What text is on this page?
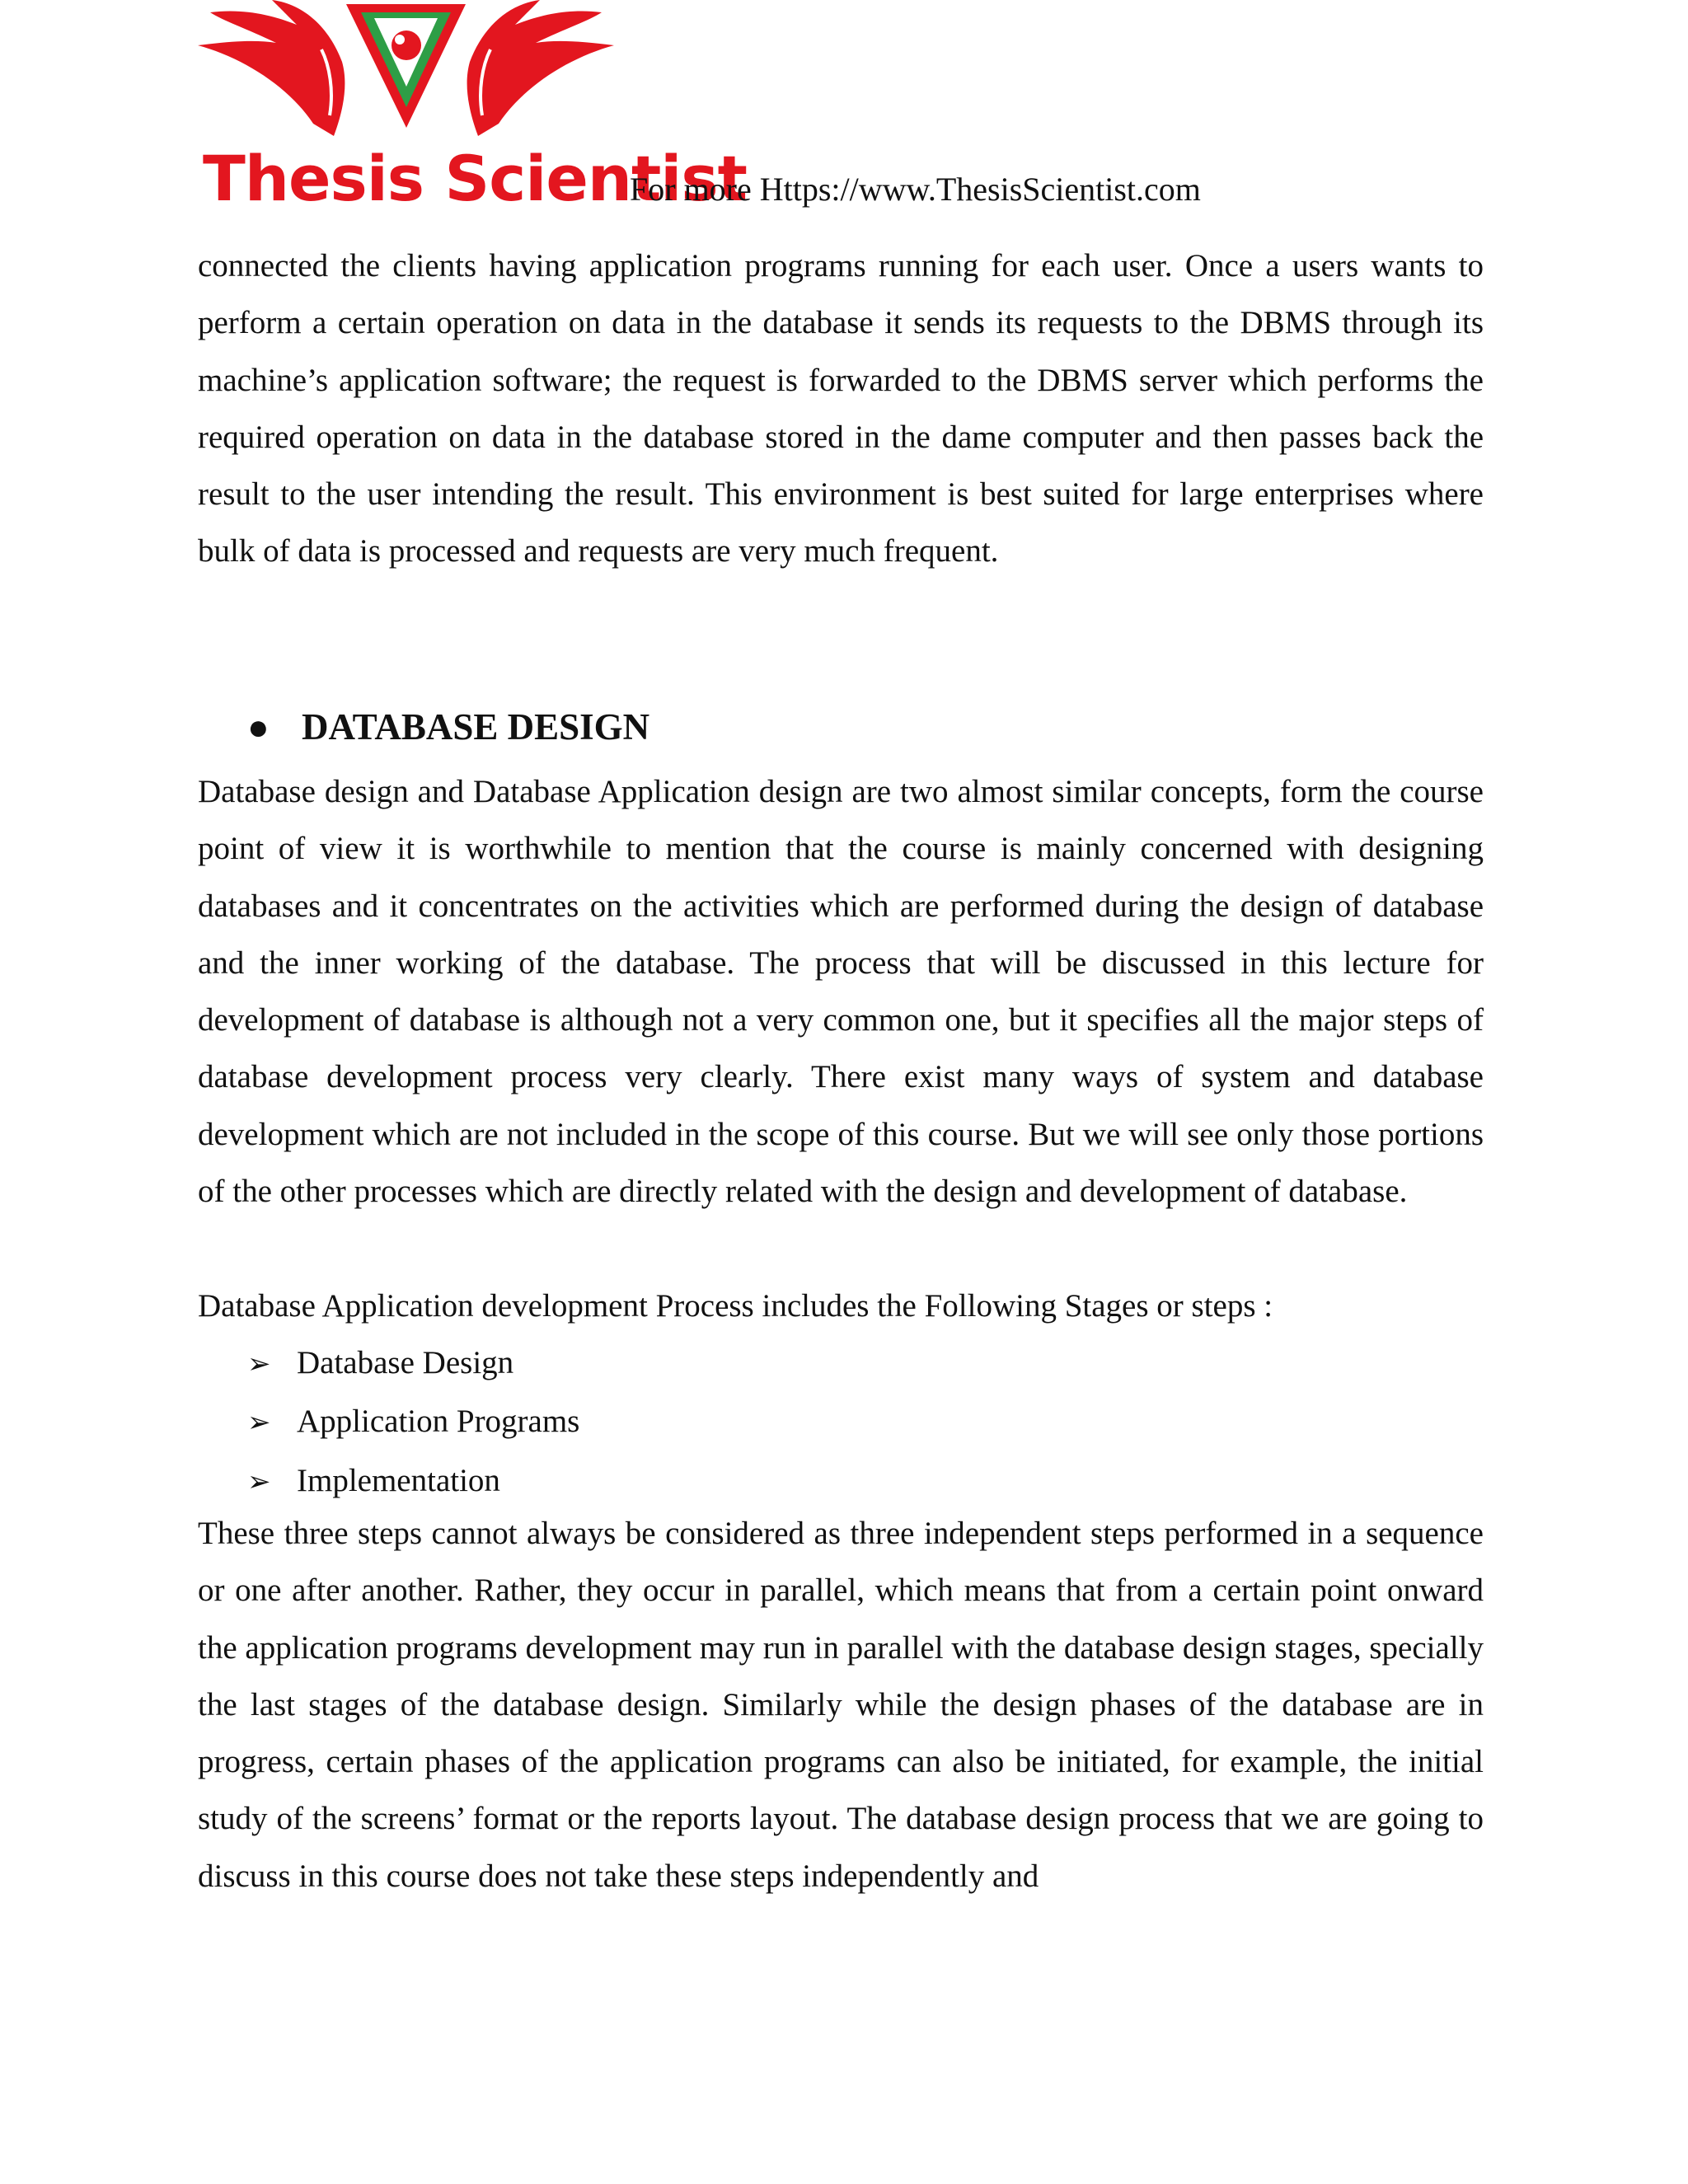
Thesis Scientist
For more Https://www.ThesisScientist.com

connected the clients having application programs running for each user. Once a users wants to perform a certain operation on data in the database it sends its requests to the DBMS through its machine’s application software; the request is forwarded to the DBMS server which performs the required operation on data in the database stored in the dame computer and then passes back the result to the user intending the result. This environment is best suited for large enterprises where bulk of data is processed and requests are very much frequent.

● DATABASE DESIGN

Database design and Database Application design are two almost similar concepts, form the course point of view it is worthwhile to mention that the course is mainly concerned with designing databases and it concentrates on the activities which are performed during the design of database and the inner working of the database. The process that will be discussed in this lecture for development of database is although not a very common one, but it specifies all the major steps of database development process very clearly. There exist many ways of system and database development which are not included in the scope of this course. But we will see only those portions of the other processes which are directly related with the design and development of database.

Database Application development Process includes the Following Stages or steps :

➢ Database Design
➢ Application Programs
➢ Implementation

These three steps cannot always be considered as three independent steps performed in a sequence or one after another. Rather, they occur in parallel, which means that from a certain point onward the application programs development may run in parallel with the database design stages, specially the last stages of the database design. Similarly while the design phases of the database are in progress, certain phases of the application programs can also be initiated, for example, the initial study of the screens’ format or the reports layout. The database design process that we are going to discuss in this course does not take these steps independently and
